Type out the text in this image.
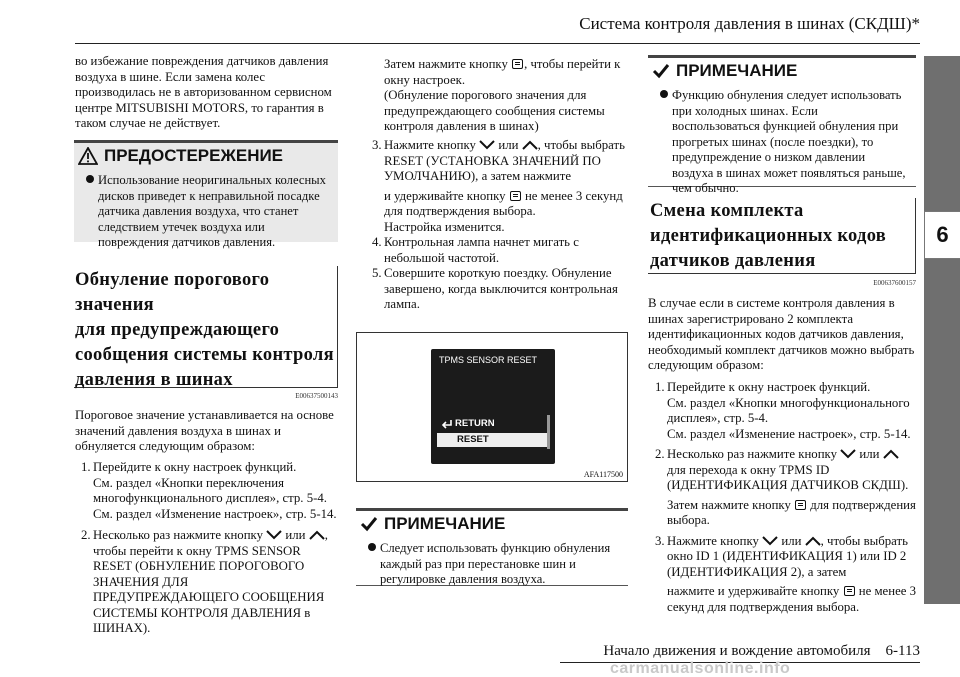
Система контроля давления в шинах (СКДШ)*
6
во избежание повреждения датчиков давления воздуха в шине. Если замена колес производилась не в авторизованном сервисном центре MITSUBISHI MOTORS, то гарантия в таком случае не действует.
ПРЕДОСТЕРЕЖЕНИЕ
Использование неоригинальных колесных дисков приведет к неправильной посадке датчика давления воздуха, что станет следствием утечек воздуха или повреждения датчиков давления.
Обнуление порогового
значения
для предупреждающего
сообщения системы контроля
давления в шинах
E00637500143
Пороговое значение устанавливается на основе значений давления воздуха в шинах и обнуляется следующим образом:
1. Перейдите к окну настроек функций.
См. раздел «Кнопки переключения многофункционального дисплея», стр. 5-4.
См. раздел «Изменение настроек», стр. 5-14.
2. Несколько раз нажмите кнопку или , чтобы перейти к окну TPMS SENSOR RESET (ОБНУЛЕНИЕ ПОРОГОВОГО ЗНАЧЕНИЯ ДЛЯ ПРЕДУПРЕЖДАЮЩЕГО СООБЩЕНИЯ СИСТЕМЫ КОНТРОЛЯ ДАВЛЕНИЯ в ШИНАХ).
Затем нажмите кнопку , чтобы перейти к окну настроек.
(Обнуление порогового значения для предупреждающего сообщения системы контроля давления в шинах)
3. Нажмите кнопку или , чтобы выбрать RESET (УСТАНОВКА ЗНАЧЕНИЙ ПО УМОЛЧАНИЮ), а затем нажмите
и удерживайте кнопку не менее 3 секунд для подтверждения выбора.
Настройка изменится.
4. Контрольная лампа начнет мигать с небольшой частотой.
5. Совершите короткую поездку. Обнуление завершено, когда выключится контрольная лампа.
TPMS SENSOR RESET
RETURN
RESET
AFA117500
ПРИМЕЧАНИЕ
Следует использовать функцию обнуления каждый раз при перестановке шин и регулировке давления воздуха.
ПРИМЕЧАНИЕ
Функцию обнуления следует использовать при холодных шинах. Если воспользоваться функцией обнуления при прогретых шинах (после поездки), то предупреждение о низком давлении воздуха в шинах может появляться раньше, чем обычно.
Смена комплекта
идентификационных кодов
датчиков давления
E00637600157
В случае если в системе контроля давления в шинах зарегистрировано 2 комплекта идентификационных кодов датчиков давления, необходимый комплект датчиков можно выбрать следующим образом:
1. Перейдите к окну настроек функций.
См. раздел «Кнопки многофункционального дисплея», стр. 5-4.
См. раздел «Изменение настроек», стр. 5-14.
2. Несколько раз нажмите кнопку или  для перехода к окну TPMS ID (ИДЕНТИФИКАЦИЯ ДАТЧИКОВ СКДШ).
Затем нажмите кнопку для подтверждения выбора.
3. Нажмите кнопку или , чтобы выбрать окно ID 1 (ИДЕНТИФИКАЦИЯ 1) или ID 2 (ИДЕНТИФИКАЦИЯ 2), а затем
нажмите и удерживайте кнопку не менее 3 секунд для подтверждения выбора.
Начало движения и вождение автомобиля    6-113
carmanualsonline.info
